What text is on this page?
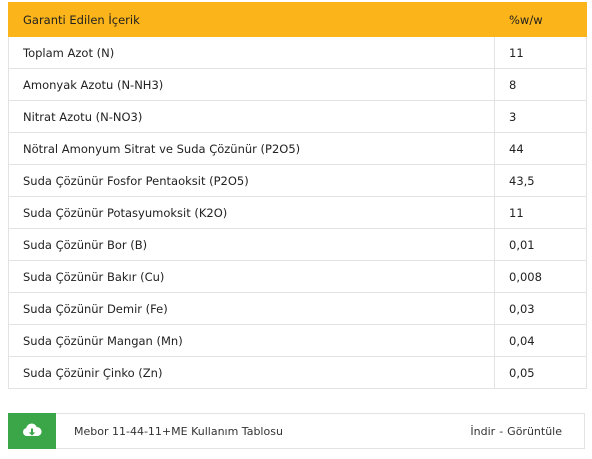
Garanti Edilen İçerik	%w/w
Toplam Azot (N)	11
Amonyak Azotu (N-NH3)	8
Nitrat Azotu (N-NO3)	3
Nötral Amonyum Sitrat ve Suda Çözünür (P2O5)	44
Suda Çözünür Fosfor Pentaoksit (P2O5)	43,5
Suda Çözünür Potasyumoksit (K2O)	11
Suda Çözünür Bor (B)	0,01
Suda Çözünür Bakır (Cu)	0,008
Suda Çözünür Demir (Fe)	0,03
Suda Çözünür Mangan (Mn)	0,04
Suda Çözünir Çinko (Zn)	0,05
Mebor 11-44-11+ME Kullanım Tablosu	İndir - Görüntüle
